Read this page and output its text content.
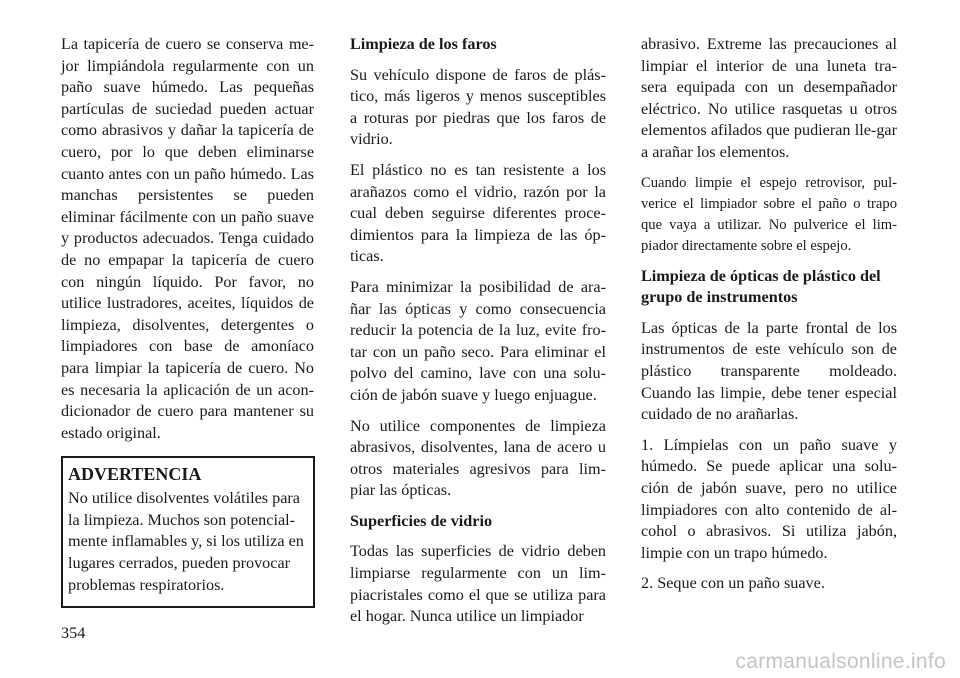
La tapicería de cuero se conserva me-jor limpiándola regularmente con un paño suave húmedo. Las pequeñas partículas de suciedad pueden actuar como abrasivos y dañar la tapicería de cuero, por lo que deben eliminarse cuanto antes con un paño húmedo. Las manchas persistentes se pueden eliminar fácilmente con un paño suave y productos adecuados. Tenga cuidado de no empapar la tapicería de cuero con ningún líquido. Por favor, no utilice lustradores, aceites, líquidos de limpieza, disolventes, detergentes o limpiadores con base de amoníaco para limpiar la tapicería de cuero. No es necesaria la aplicación de un acon-dicionador de cuero para mantener su estado original.

ADVERTENCIA

No utilice disolventes volátiles para la limpieza. Muchos son potencial-mente inflamables y, si los utiliza en lugares cerrados, pueden provocar problemas respiratorios.

Limpieza de los faros

Su vehículo dispone de faros de plás-tico, más ligeros y menos susceptibles a roturas por piedras que los faros de vidrio.

El plástico no es tan resistente a los arañazos como el vidrio, razón por la cual deben seguirse diferentes proce-dimientos para la limpieza de las óp-ticas.

Para minimizar la posibilidad de ara-ñar las ópticas y como consecuencia reducir la potencia de la luz, evite fro-tar con un paño seco. Para eliminar el polvo del camino, lave con una solu-ción de jabón suave y luego enjuague.

No utilice componentes de limpieza abrasivos, disolventes, lana de acero u otros materiales agresivos para lim-piar las ópticas.

Superficies de vidrio

Todas las superficies de vidrio deben limpiarse regularmente con un lim-piacristales como el que se utiliza para el hogar. Nunca utilice un limpiador

abrasivo. Extreme las precauciones al limpiar el interior de una luneta tra-sera equipada con un desempañador eléctrico. No utilice rasquetas u otros elementos afilados que pudieran lle-gar a arañar los elementos.

Cuando limpie el espejo retrovisor, pul-verice el limpiador sobre el paño o trapo que vaya a utilizar. No pulverice el lim-piador directamente sobre el espejo.

Limpieza de ópticas de plástico del grupo de instrumentos

Las ópticas de la parte frontal de los instrumentos de este vehículo son de plástico transparente moldeado. Cuando las limpie, debe tener especial cuidado de no arañarlas.

1. Límpielas con un paño suave y húmedo. Se puede aplicar una solu-ción de jabón suave, pero no utilice limpiadores con alto contenido de al-cohol o abrasivos. Si utiliza jabón, limpie con un trapo húmedo.

2. Seque con un paño suave.

354
carmanualsonline.info
